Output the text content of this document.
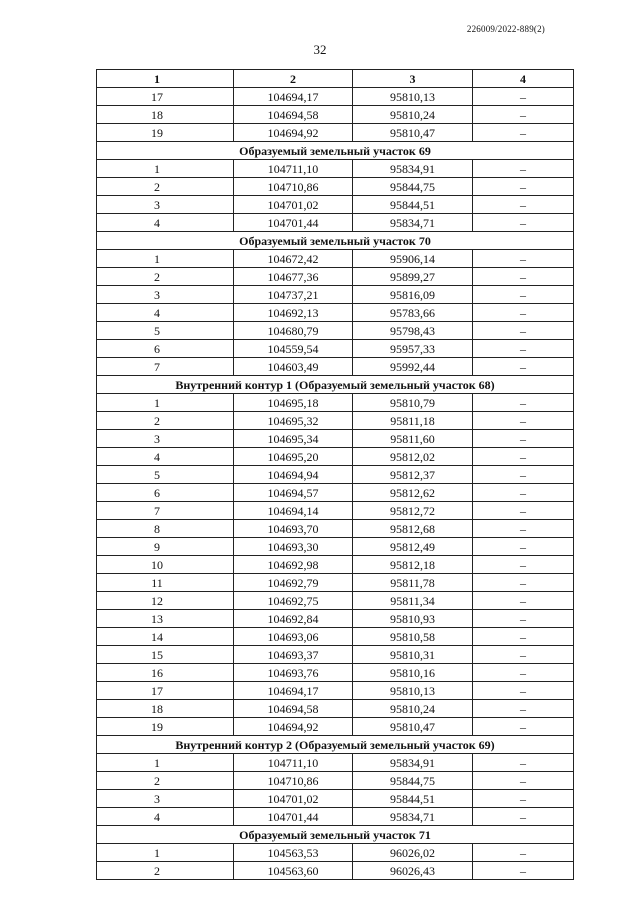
226009/2022-889(2)
32
1	2	3	4
17	104694,17	95810,13	–
18	104694,58	95810,24	–
19	104694,92	95810,47	–
Образуемый земельный участок 69			
1	104711,10	95834,91	–
2	104710,86	95844,75	–
3	104701,02	95844,51	–
4	104701,44	95834,71	–
Образуемый земельный участок 70			
1	104672,42	95906,14	–
2	104677,36	95899,27	–
3	104737,21	95816,09	–
4	104692,13	95783,66	–
5	104680,79	95798,43	–
6	104559,54	95957,33	–
7	104603,49	95992,44	–
Внутренний контур 1 (Образуемый земельный участок 68)			
1	104695,18	95810,79	–
2	104695,32	95811,18	–
3	104695,34	95811,60	–
4	104695,20	95812,02	–
5	104694,94	95812,37	–
6	104694,57	95812,62	–
7	104694,14	95812,72	–
8	104693,70	95812,68	–
9	104693,30	95812,49	–
10	104692,98	95812,18	–
11	104692,79	95811,78	–
12	104692,75	95811,34	–
13	104692,84	95810,93	–
14	104693,06	95810,58	–
15	104693,37	95810,31	–
16	104693,76	95810,16	–
17	104694,17	95810,13	–
18	104694,58	95810,24	–
19	104694,92	95810,47	–
Внутренний контур 2 (Образуемый земельный участок 69)			
1	104711,10	95834,91	–
2	104710,86	95844,75	–
3	104701,02	95844,51	–
4	104701,44	95834,71	–
Образуемый земельный участок 71			
1	104563,53	96026,02	–
2	104563,60	96026,43	–
